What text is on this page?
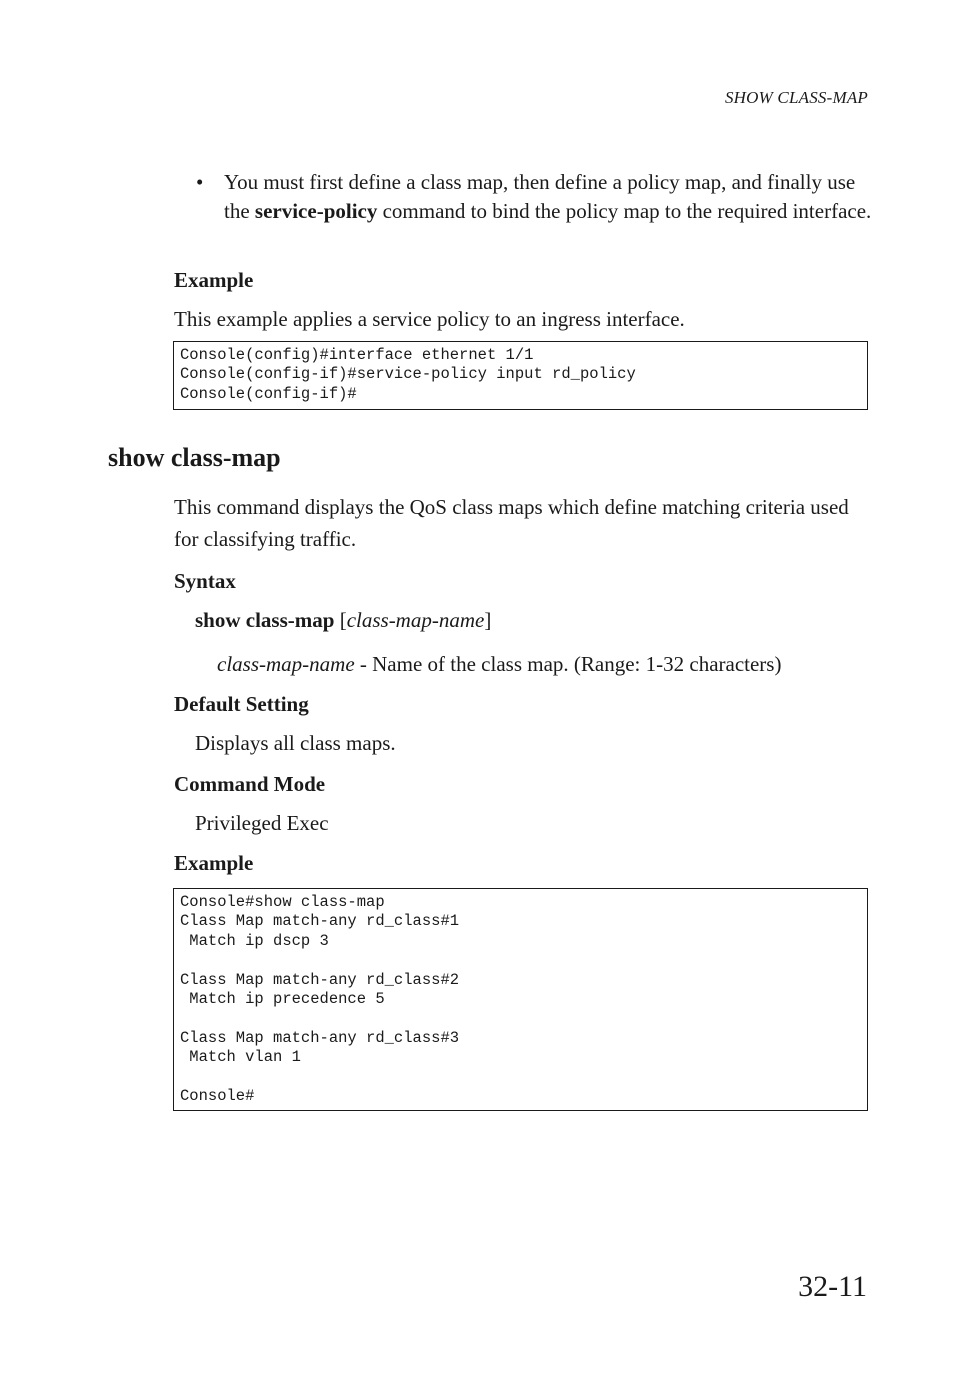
SHOW CLASS-MAP
• You must first define a class map, then define a policy map, and finally use the service-policy command to bind the policy map to the required interface.
Example
This example applies a service policy to an ingress interface.
Console(config)#interface ethernet 1/1
Console(config-if)#service-policy input rd_policy
Console(config-if)#
show class-map
This command displays the QoS class maps which define matching criteria used for classifying traffic.
Syntax
show class-map [class-map-name]
class-map-name - Name of the class map. (Range: 1-32 characters)
Default Setting
Displays all class maps.
Command Mode
Privileged Exec
Example
Console#show class-map
Class Map match-any rd_class#1
Match ip dscp 3
Class Map match-any rd_class#2
Match ip precedence 5
Class Map match-any rd_class#3
Match vlan 1
Console#
32-11
